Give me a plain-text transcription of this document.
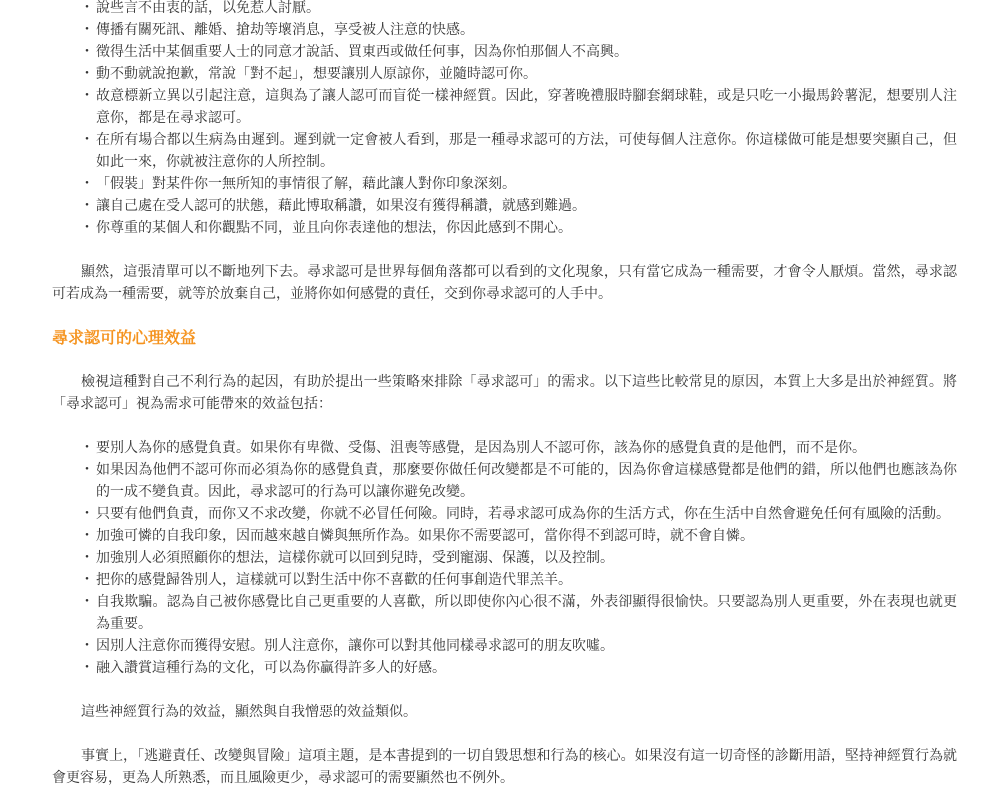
・ 說些言不由衷的話，以免惹人討厭。
・ 傳播有關死訊、離婚、搶劫等壞消息，享受被人注意的快感。
・ 徵得生活中某個重要人士的同意才說話、買東西或做任何事，因為你怕那個人不高興。
・ 動不動就說抱歉，常說「對不起」，想要讓別人原諒你，並隨時認可你。
・ 故意標新立異以引起注意，這與為了讓人認可而盲從一樣神經質。因此，穿著晚禮服時腳套網球鞋，或是只吃一小撮馬鈴薯泥，想要別人注意你，都是在尋求認可。
・ 在所有場合都以生病為由遲到。遲到就一定會被人看到，那是一種尋求認可的方法，可使每個人注意你。你這樣做可能是想要突顯自己，但如此一來，你就被注意你的人所控制。
・ 「假裝」對某件你一無所知的事情很了解，藉此讓人對你印象深刻。
・ 讓自己處在受人認可的狀態，藉此博取稱讚，如果沒有獲得稱讚，就感到難過。
・ 你尊重的某個人和你觀點不同，並且向你表達他的想法，你因此感到不開心。

顯然，這張清單可以不斷地列下去。尋求認可是世界每個角落都可以看到的文化現象，只有當它成為一種需要，才會令人厭煩。當然，尋求認可若成為一種需要，就等於放棄自己，並將你如何感覺的責任，交到你尋求認可的人手中。

尋求認可的心理效益

檢視這種對自己不利行為的起因，有助於提出一些策略來排除「尋求認可」的需求。以下這些比較常見的原因，本質上大多是出於神經質。將「尋求認可」視為需求可能帶來的效益包括：

・ 要別人為你的感覺負責。如果你有卑微、受傷、沮喪等感覺，是因為別人不認可你，該為你的感覺負責的是他們，而不是你。
・ 如果因為他們不認可你而必須為你的感覺負責，那麼要你做任何改變都是不可能的，因為你會這樣感覺都是他們的錯，所以他們也應該為你的一成不變負責。因此，尋求認可的行為可以讓你避免改變。
・ 只要有他們負責，而你又不求改變，你就不必冒任何險。同時，若尋求認可成為你的生活方式，你在生活中自然會避免任何有風險的活動。
・ 加強可憐的自我印象，因而越來越自憐與無所作為。如果你不需要認可，當你得不到認可時，就不會自憐。
・ 加強別人必須照顧你的想法，這樣你就可以回到兒時，受到寵溺、保護，以及控制。
・ 把你的感覺歸咎別人，這樣就可以對生活中你不喜歡的任何事創造代罪羔羊。
・ 自我欺騙。認為自己被你感覺比自己更重要的人喜歡，所以即使你內心很不滿，外表卻顯得很愉快。只要認為別人更重要，外在表現也就更為重要。
・ 因別人注意你而獲得安慰。別人注意你，讓你可以對其他同樣尋求認可的朋友吹噓。
・ 融入讚賞這種行為的文化，可以為你贏得許多人的好感。

這些神經質行為的效益，顯然與自我憎惡的效益類似。

事實上，「逃避責任、改變與冒險」這項主題，是本書提到的一切自毀思想和行為的核心。如果沒有這一切奇怪的診斷用語，堅持神經質行為就會更容易，更為人所熟悉，而且風險更少，尋求認可的需要顯然也不例外。
